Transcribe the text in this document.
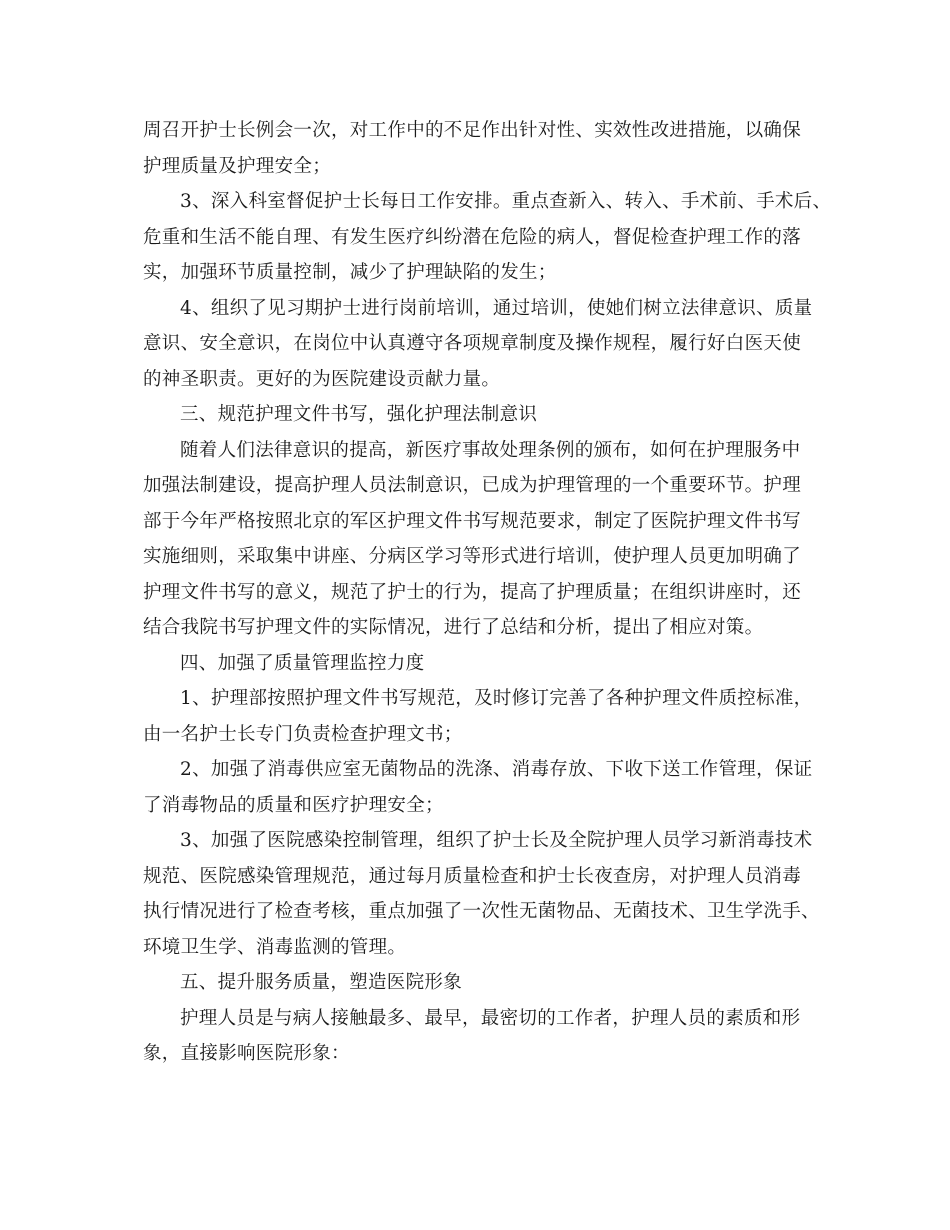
周召开护士长例会一次，对工作中的不足作出针对性、实效性改进措施，以确保
护理质量及护理安全；
3、深入科室督促护士长每日工作安排。重点查新入、转入、手术前、手术后、
危重和生活不能自理、有发生医疗纠纷潜在危险的病人，督促检查护理工作的落
实，加强环节质量控制，减少了护理缺陷的发生；
4、组织了见习期护士进行岗前培训，通过培训，使她们树立法律意识、质量
意识、安全意识，在岗位中认真遵守各项规章制度及操作规程，履行好白医天使
的神圣职责。更好的为医院建设贡献力量。
三、规范护理文件书写，强化护理法制意识
随着人们法律意识的提高，新医疗事故处理条例的颁布，如何在护理服务中
加强法制建设，提高护理人员法制意识，已成为护理管理的一个重要环节。护理
部于今年严格按照北京的军区护理文件书写规范要求，制定了医院护理文件书写
实施细则，采取集中讲座、分病区学习等形式进行培训，使护理人员更加明确了
护理文件书写的意义，规范了护士的行为，提高了护理质量；在组织讲座时，还
结合我院书写护理文件的实际情况，进行了总结和分析，提出了相应对策。
四、加强了质量管理监控力度
1、护理部按照护理文件书写规范，及时修订完善了各种护理文件质控标准，
由一名护士长专门负责检查护理文书；
2、加强了消毒供应室无菌物品的洗涤、消毒存放、下收下送工作管理，保证
了消毒物品的质量和医疗护理安全；
3、加强了医院感染控制管理，组织了护士长及全院护理人员学习新消毒技术
规范、医院感染管理规范，通过每月质量检查和护士长夜查房，对护理人员消毒
执行情况进行了检查考核，重点加强了一次性无菌物品、无菌技术、卫生学洗手、
环境卫生学、消毒监测的管理。
五、提升服务质量，塑造医院形象
护理人员是与病人接触最多、最早，最密切的工作者，护理人员的素质和形
象，直接影响医院形象：
